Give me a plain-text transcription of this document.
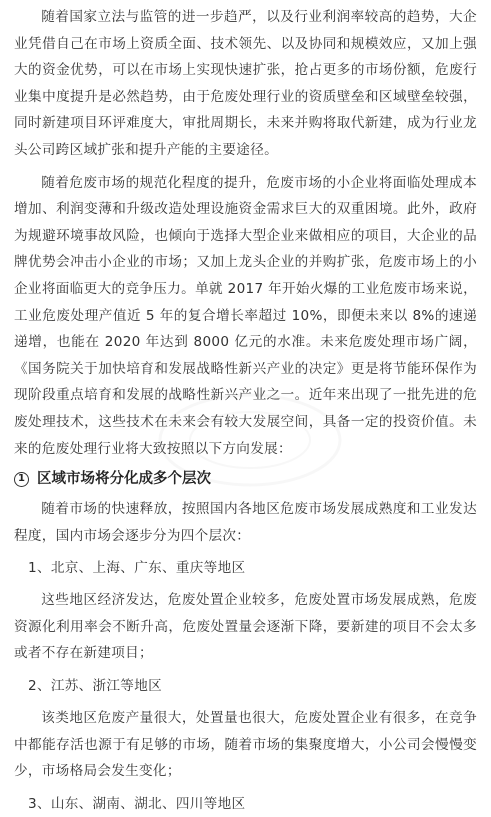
随着国家立法与监管的进一步趋严，以及行业利润率较高的趋势，大企业凭借自己在市场上资质全面、技术领先、以及协同和规模效应，又加上强大的资金优势，可以在市场上实现快速扩张，抢占更多的市场份额，危废行业集中度提升是必然趋势，由于危废处理行业的资质壁垒和区域壁垒较强，同时新建项目环评难度大，审批周期长，未来并购将取代新建，成为行业龙头公司跨区域扩张和提升产能的主要途径。

随着危废市场的规范化程度的提升，危废市场的小企业将面临处理成本增加、利润变薄和升级改造处理设施资金需求巨大的双重困境。此外，政府为规避环境事故风险，也倾向于选择大型企业来做相应的项目，大企业的品牌优势会冲击小企业的市场；又加上龙头企业的并购扩张，危废市场上的小企业将面临更大的竞争压力。单就 2017 年开始火爆的工业危废市场来说，工业危废处理产值近 5 年的复合增长率超过 10%，即便未来以 8%的速递递增，也能在 2020 年达到 8000 亿元的水准。未来危废处理市场广阔，《国务院关于加快培育和发展战略性新兴产业的决定》更是将节能环保作为现阶段重点培育和发展的战略性新兴产业之一。近年来出现了一批先进的危废处理技术，这些技术在未来会有较大发展空间，具备一定的投资价值。未来的危废处理行业将大致按照以下方向发展：

1 区域市场将分化成多个层次

随着市场的快速释放，按照国内各地区危废市场发展成熟度和工业发达程度，国内市场会逐步分为四个层次：

1、北京、上海、广东、重庆等地区

这些地区经济发达，危废处置企业较多，危废处置市场发展成熟，危废资源化利用率会不断升高，危废处置量会逐渐下降，要新建的项目不会太多或者不存在新建项目；

2、江苏、浙江等地区

该类地区危废产量很大，处置量也很大，危废处置企业有很多，在竞争中都能存活也源于有足够的市场，随着市场的集聚度增大，小公司会慢慢变少，市场格局会发生变化；

3、山东、湖南、湖北、四川等地区
